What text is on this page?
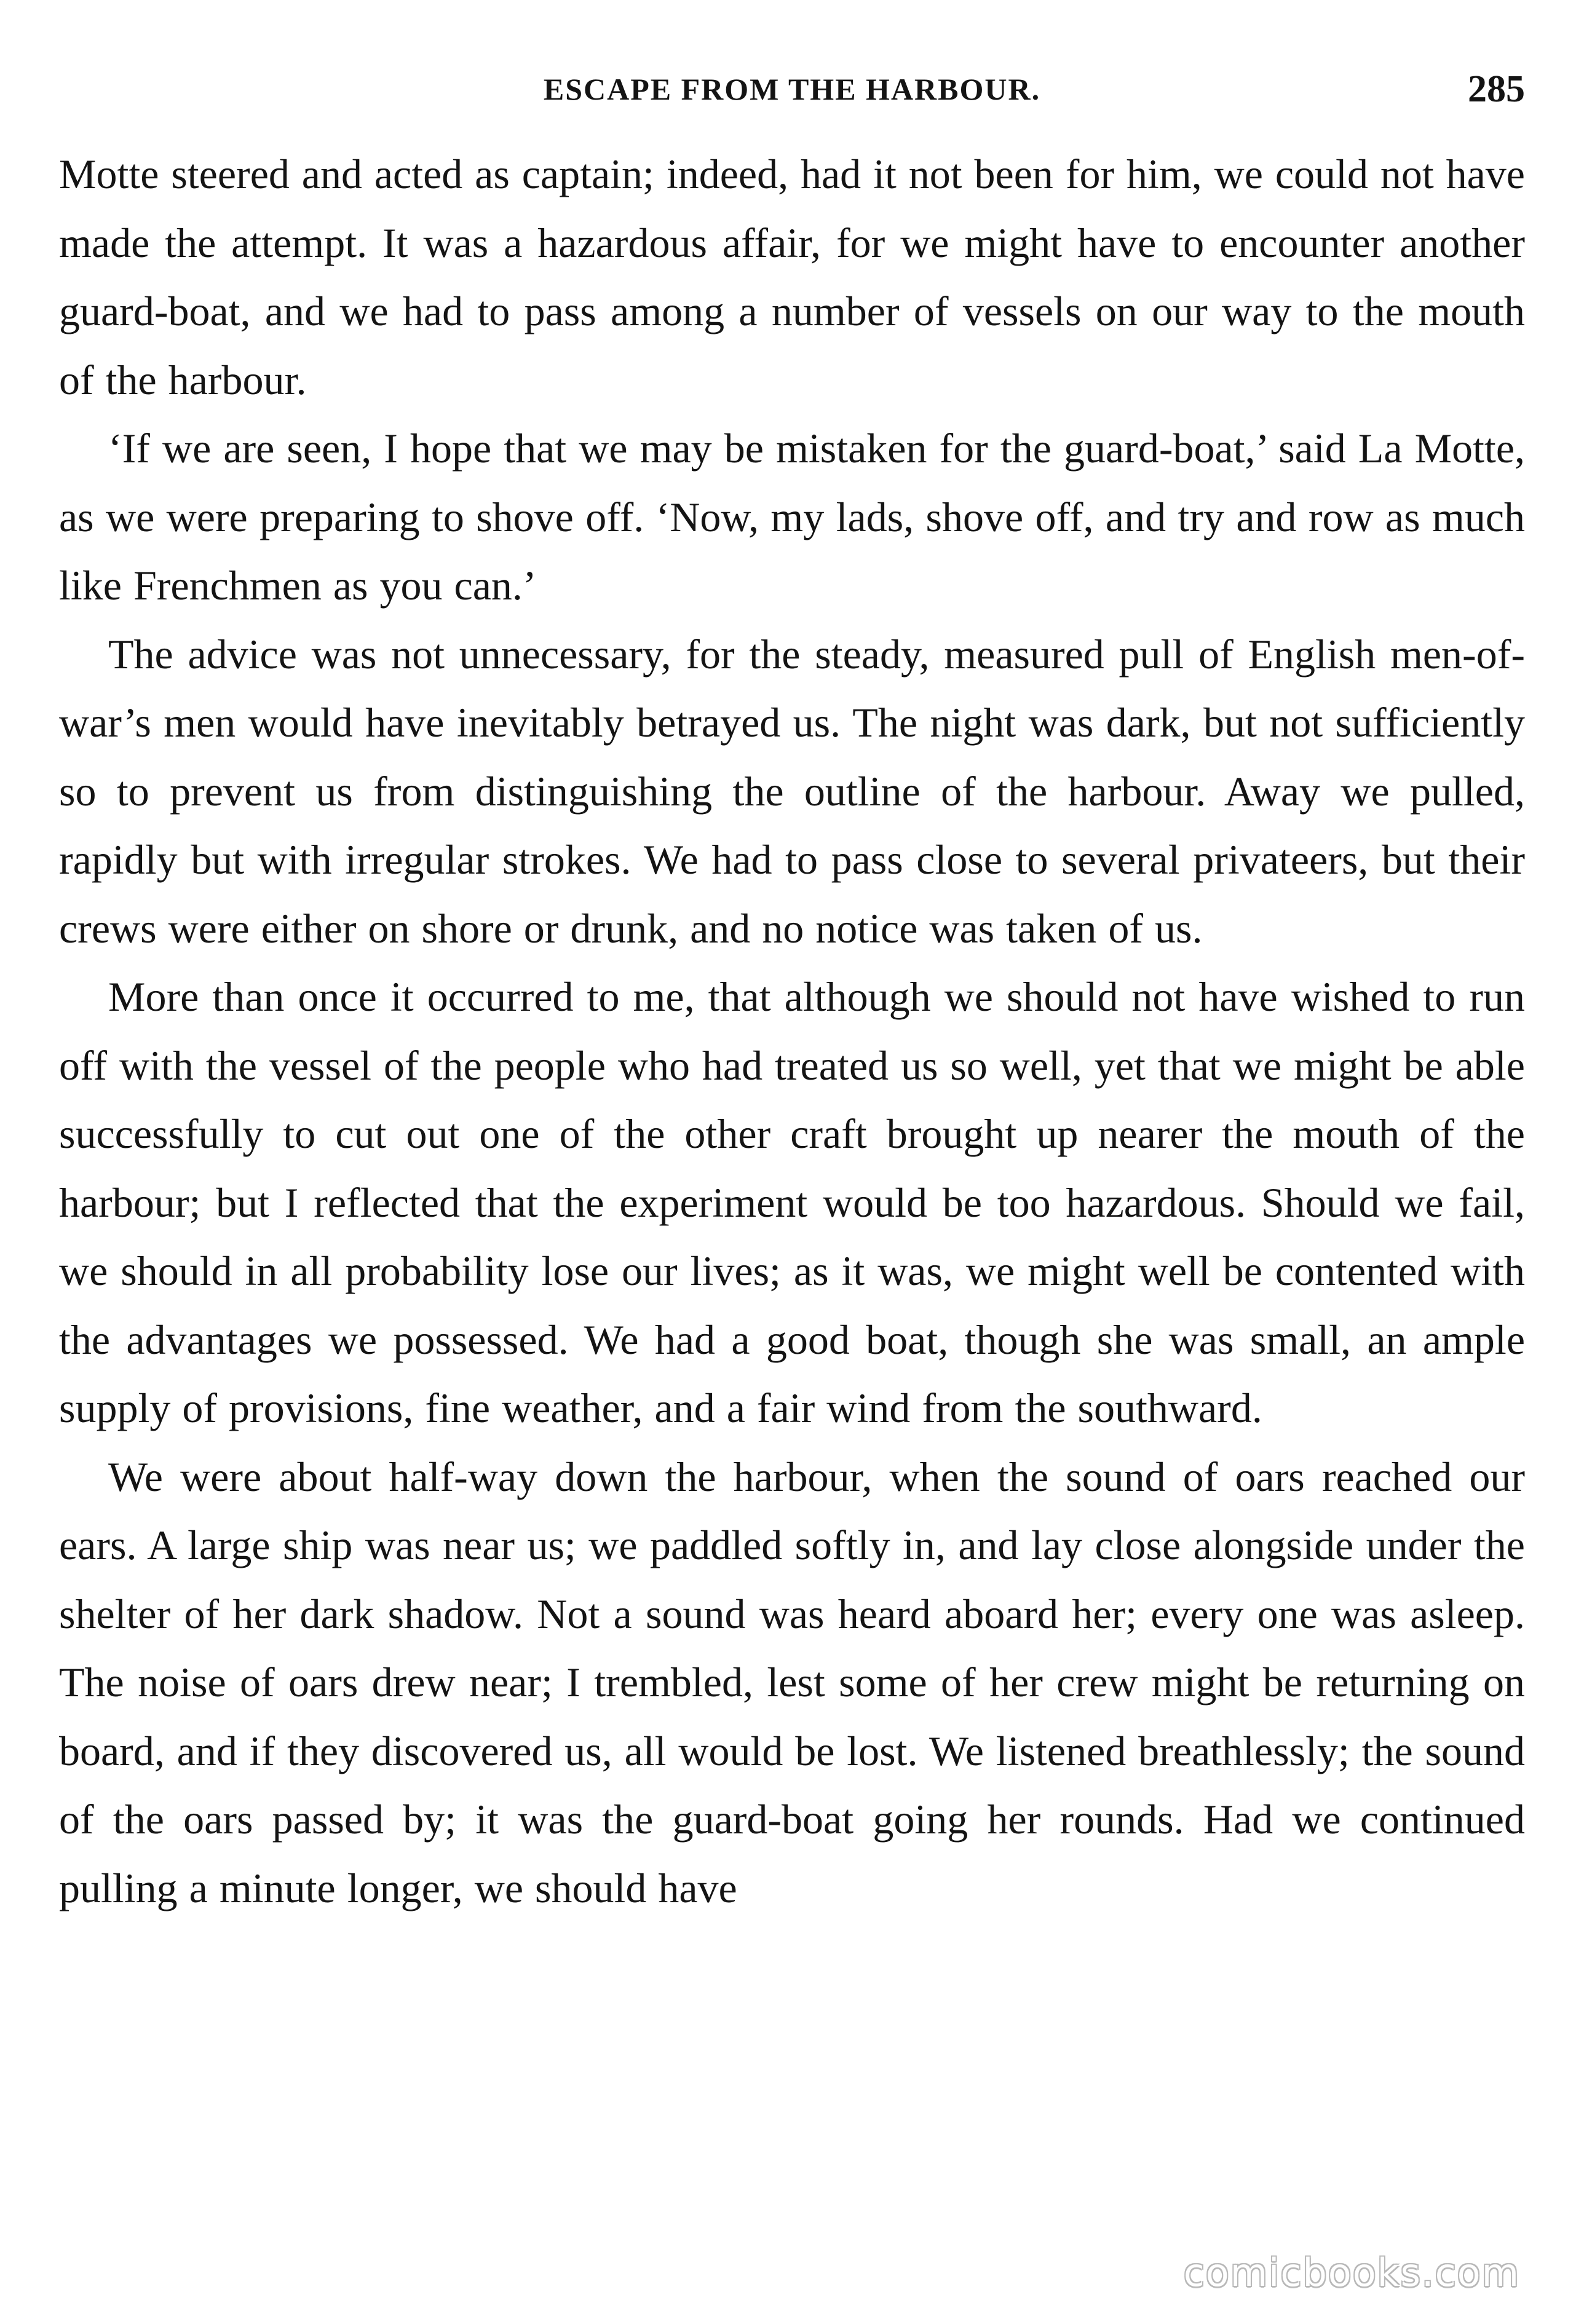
ESCAPE FROM THE HARBOUR.	285

Motte steered and acted as captain; indeed, had it not been for him, we could not have made the attempt. It was a hazardous affair, for we might have to encounter another guard-boat, and we had to pass among a number of vessels on our way to the mouth of the harbour.

‘If we are seen, I hope that we may be mistaken for the guard-boat,’ said La Motte, as we were preparing to shove off. ‘Now, my lads, shove off, and try and row as much like Frenchmen as you can.’

The advice was not unnecessary, for the steady, measured pull of English men-of-war’s men would have inevitably betrayed us. The night was dark, but not sufficiently so to prevent us from distinguishing the outline of the harbour. Away we pulled, rapidly but with irregular strokes. We had to pass close to several privateers, but their crews were either on shore or drunk, and no notice was taken of us.

More than once it occurred to me, that although we should not have wished to run off with the vessel of the people who had treated us so well, yet that we might be able successfully to cut out one of the other craft brought up nearer the mouth of the harbour; but I reflected that the experiment would be too hazardous. Should we fail, we should in all probability lose our lives; as it was, we might well be contented with the advantages we possessed. We had a good boat, though she was small, an ample supply of provisions, fine weather, and a fair wind from the southward.

We were about half-way down the harbour, when the sound of oars reached our ears. A large ship was near us; we paddled softly in, and lay close alongside under the shelter of her dark shadow. Not a sound was heard aboard her; every one was asleep. The noise of oars drew near; I trembled, lest some of her crew might be returning on board, and if they discovered us, all would be lost. We listened breathlessly; the sound of the oars passed by; it was the guard-boat going her rounds. Had we continued pulling a minute longer, we should have

comicbooks.com
